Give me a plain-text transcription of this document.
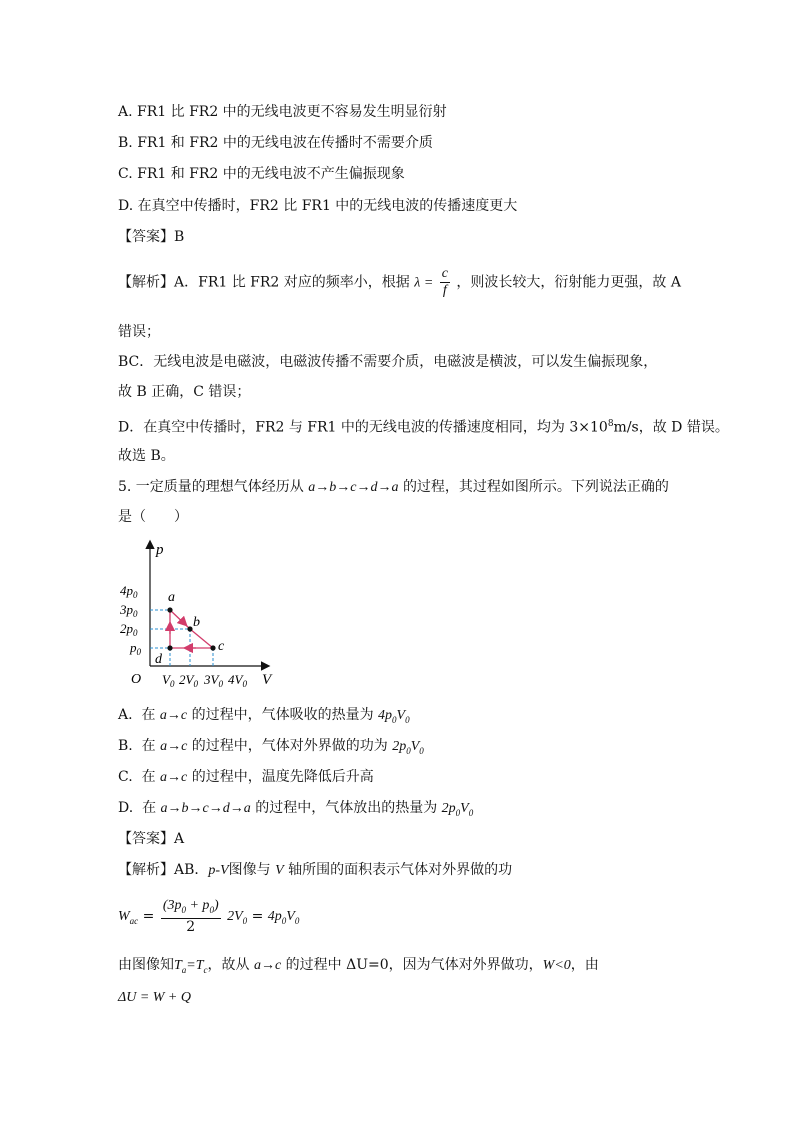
A. FR1 比 FR2 中的无线电波更不容易发生明显衍射
B. FR1 和 FR2 中的无线电波在传播时不需要介质
C. FR1 和 FR2 中的无线电波不产生偏振现象
D. 在真空中传播时，FR2 比 FR1 中的无线电波的传播速度更大
【答案】B
【解析】A．FR1 比 FR2 对应的频率小，根据 $\lambda = \frac{c}{f}$ ，则波长较大，衍射能力更强，故 A
错误；
BC．无线电波是电磁波，电磁波传播不需要介质，电磁波是横波，可以发生偏振现象，
故 B 正确，C 错误；
D．在真空中传播时，FR2 与 FR1 中的无线电波的传播速度相同，均为 $3\times 10^8m/s$，故 D 错误。
故选 B。
5. 一定质量的理想气体经历从 a→b→c→d→a 的过程，其过程如图所示。下列说法正确的
是（　　）
p
V
O
a
b
c
d
$4p_0$
$3p_0$
$2p_0$
$p_0$
$V_0$ $2V_0$ $3V_0$ $4V_0$
A. 在 a→c 的过程中，气体吸收的热量为 $4p_0V_0$
B. 在 a→c 的过程中，气体对外界做的功为 $2p_0V_0$
C. 在 a→c 的过程中，温度先降低后升高
D. 在 a→b→c→d→a 的过程中，气体放出的热量为 $2p_0V_0$
【答案】A
【解析】AB．p-V图像与 V 轴所围的面积表示气体对外界做的功
$W_{ac} = \frac{(3p_0 + p_0)}{2} 2V_0 = 4p_0V_0$
由图像知$T_a=T_c$，故从 a→c 的过程中 ΔU=0，因为气体对外界做功，W<0，由
ΔU = W + Q
